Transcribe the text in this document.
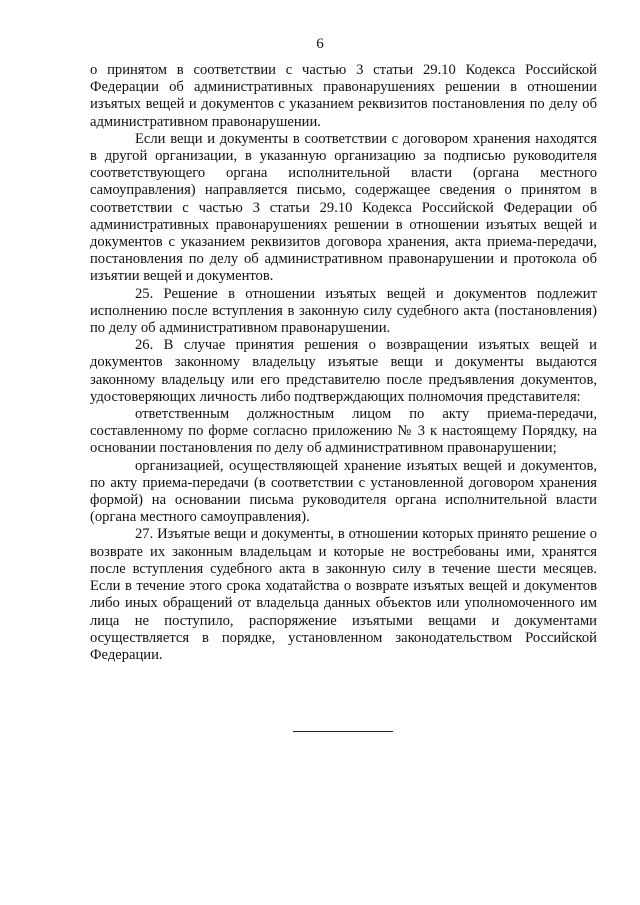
6

о принятом в соответствии с частью 3 статьи 29.10 Кодекса Российской Федерации об административных правонарушениях решении в отношении изъятых вещей и документов с указанием реквизитов постановления по делу об административном правонарушении.

Если вещи и документы в соответствии с договором хранения находятся в другой организации, в указанную организацию за подписью руководителя соответствующего органа исполнительной власти (органа местного самоуправления) направляется письмо, содержащее сведения о принятом в соответствии с частью 3 статьи 29.10 Кодекса Российской Федерации об административных правонарушениях решении в отношении изъятых вещей и документов с указанием реквизитов договора хранения, акта приема-передачи, постановления по делу об административном правонарушении и протокола об изъятии вещей и документов.

25. Решение в отношении изъятых вещей и документов подлежит исполнению после вступления в законную силу судебного акта (постановления) по делу об административном правонарушении.

26. В случае принятия решения о возвращении изъятых вещей и документов законному владельцу изъятые вещи и документы выдаются законному владельцу или его представителю после предъявления документов, удостоверяющих личность либо подтверждающих полномочия представителя:

ответственным должностным лицом по акту приема-передачи, составленному по форме согласно приложению № 3 к настоящему Порядку, на основании постановления по делу об административном правонарушении;

организацией, осуществляющей хранение изъятых вещей и документов, по акту приема-передачи (в соответствии с установленной договором хранения формой) на основании письма руководителя органа исполнительной власти (органа местного самоуправления).

27. Изъятые вещи и документы, в отношении которых принято решение о возврате их законным владельцам и которые не востребованы ими, хранятся после вступления судебного акта в законную силу в течение шести месяцев. Если в течение этого срока ходатайства о возврате изъятых вещей и документов либо иных обращений от владельца данных объектов или уполномоченного им лица не поступило, распоряжение изъятыми вещами и документами осуществляется в порядке, установленном законодательством Российской Федерации.
